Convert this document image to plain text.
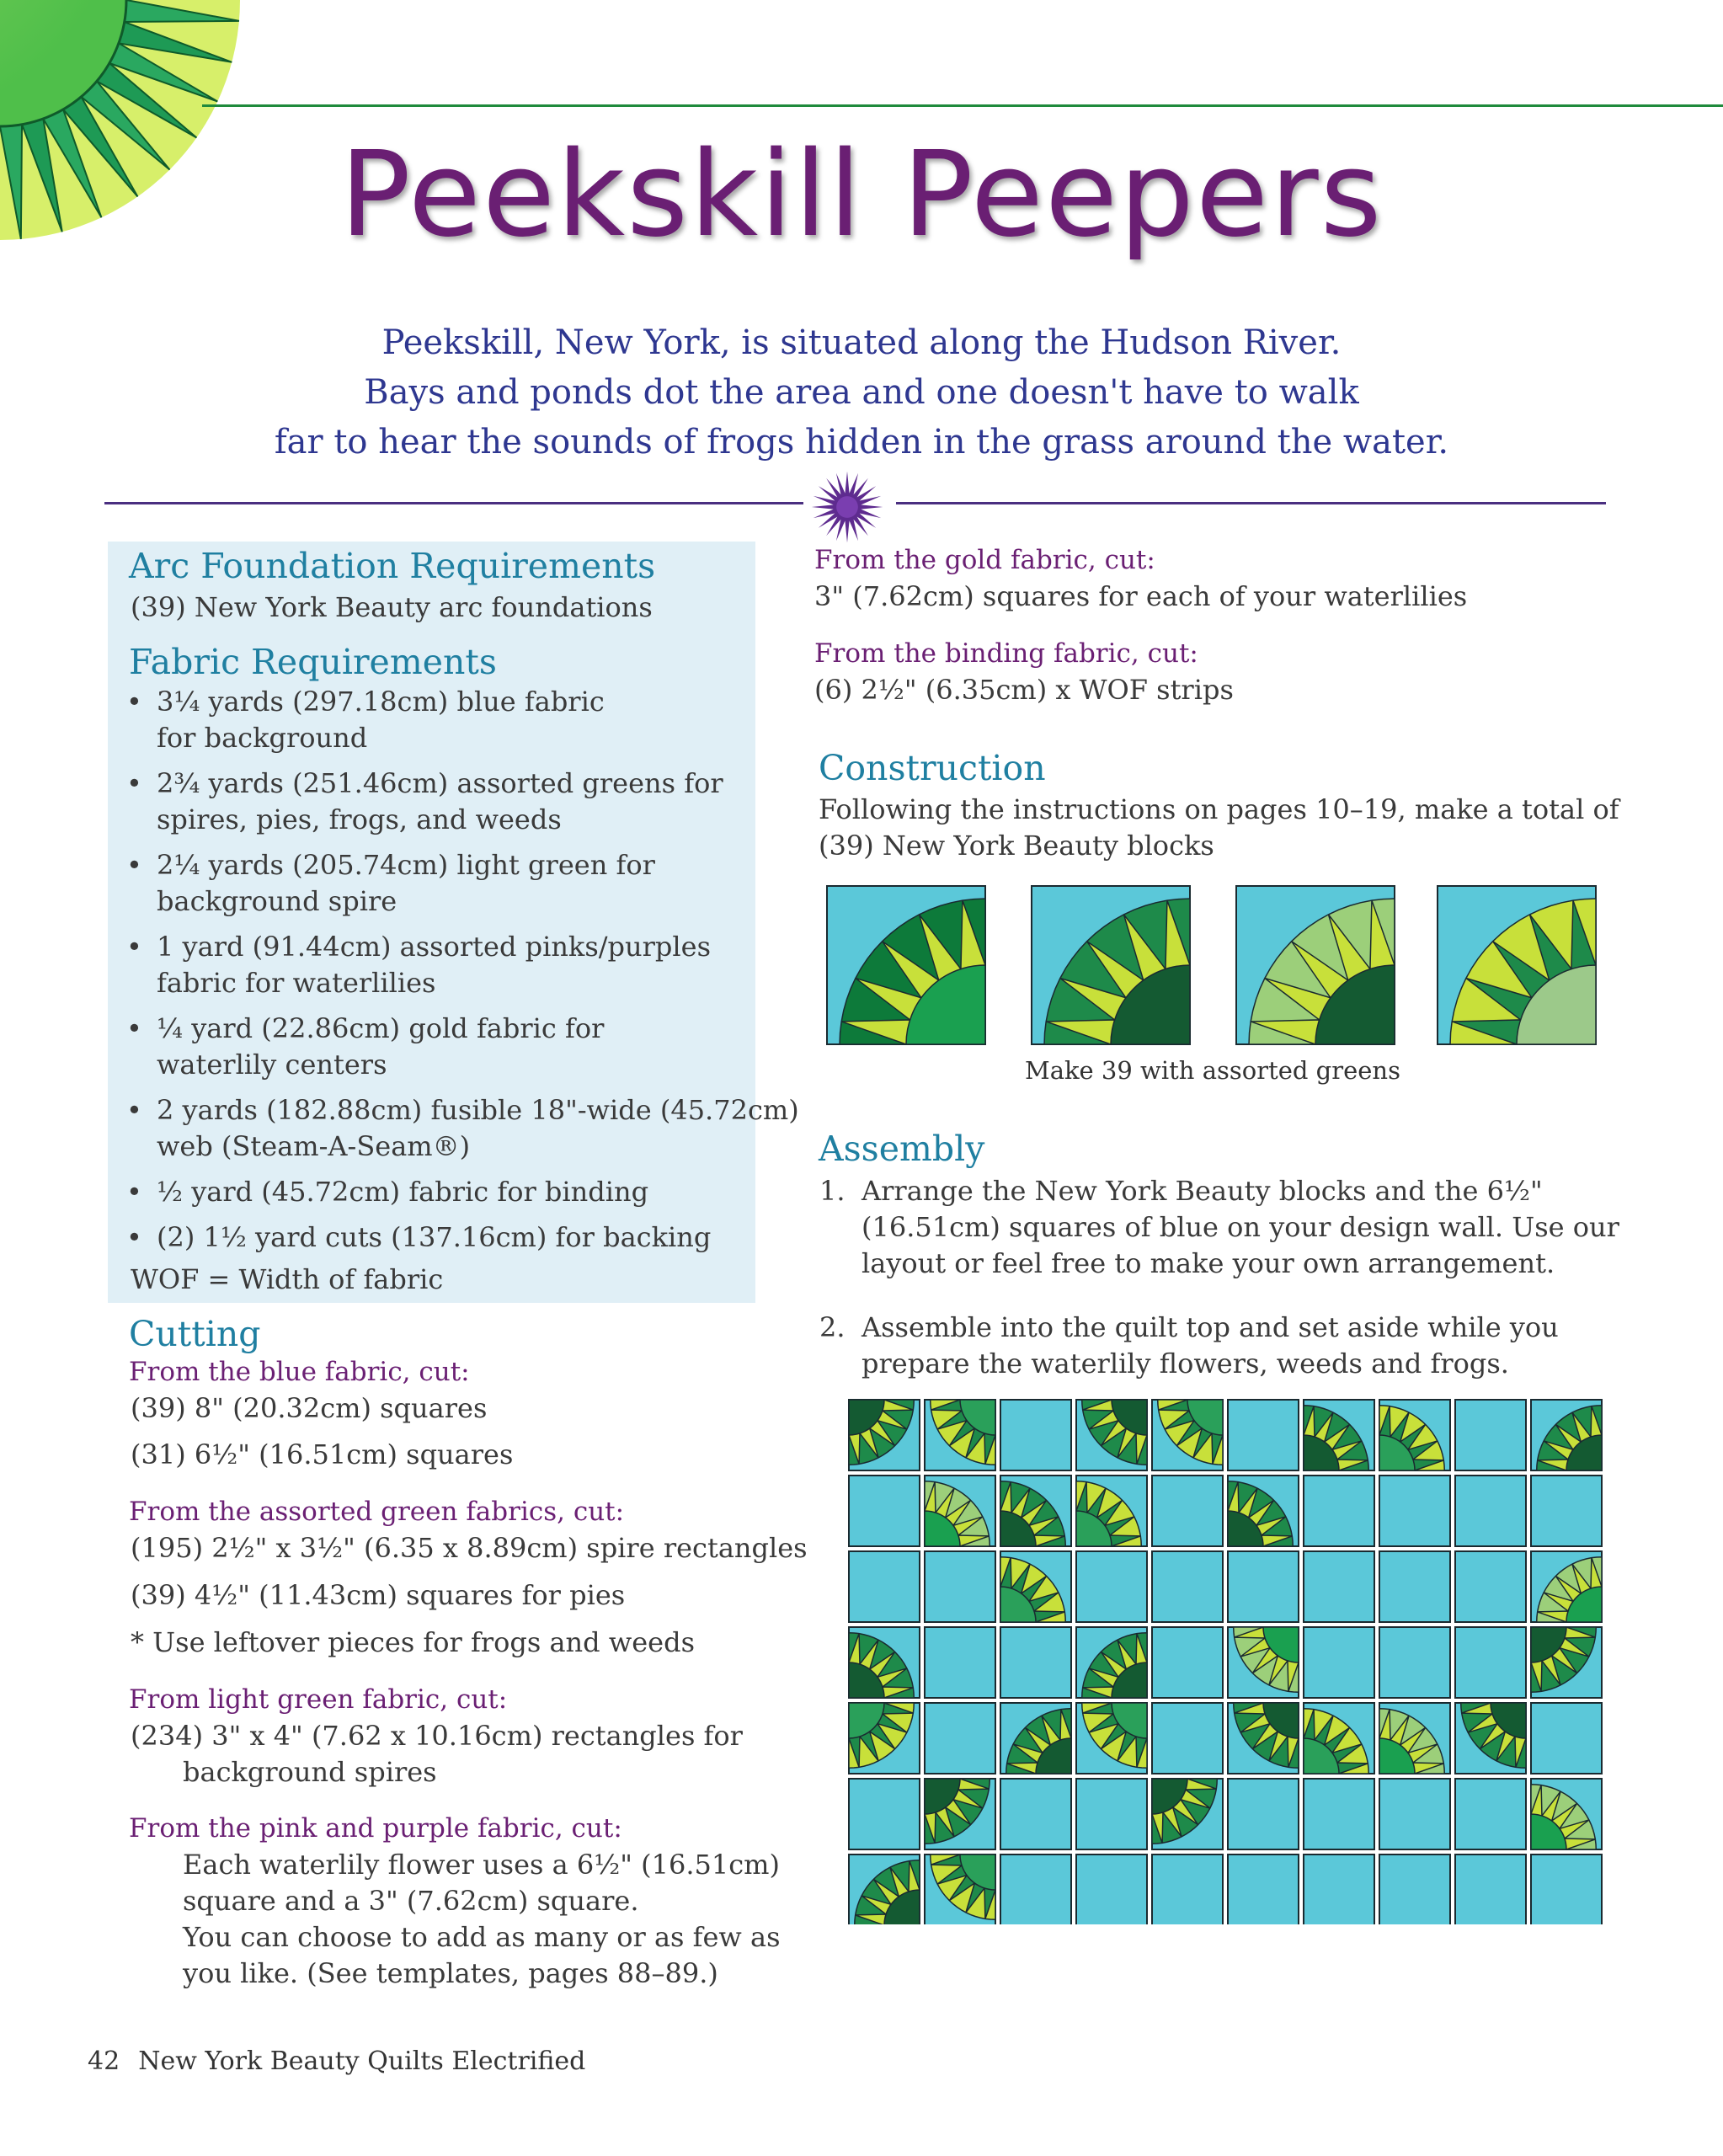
Peekskill Peepers
Peekskill, New York, is situated along the Hudson River.
Bays and ponds dot the area and one doesn't have to walk
far to hear the sounds of frogs hidden in the grass around the water.
Arc Foundation Requirements
(39) New York Beauty arc foundations
Fabric Requirements
• 3¼ yards (297.18cm) blue fabric
for background
• 2¾ yards (251.46cm) assorted greens for
spires, pies, frogs, and weeds
• 2¼ yards (205.74cm) light green for
background spire
• 1 yard (91.44cm) assorted pinks/purples
fabric for waterlilies
• ¼ yard (22.86cm) gold fabric for
waterlily centers
• 2 yards (182.88cm) fusible 18"-wide (45.72cm)
web (Steam-A-Seam®)
• ½ yard (45.72cm) fabric for binding
• (2) 1½ yard cuts (137.16cm) for backing
WOF = Width of fabric
Cutting
From the blue fabric, cut:
(39) 8" (20.32cm) squares
(31) 6½" (16.51cm) squares
From the assorted green fabrics, cut:
(195) 2½" x 3½" (6.35 x 8.89cm) spire rectangles
(39) 4½" (11.43cm) squares for pies
* Use leftover pieces for frogs and weeds
From light green fabric, cut:
(234) 3" x 4" (7.62 x 10.16cm) rectangles for
background spires
From the pink and purple fabric, cut:
Each waterlily flower uses a 6½" (16.51cm)
square and a 3" (7.62cm) square.
You can choose to add as many or as few as
you like. (See templates, pages 88–89.)
From the gold fabric, cut:
3" (7.62cm) squares for each of your waterlilies
From the binding fabric, cut:
(6) 2½" (6.35cm) x WOF strips
Construction
Following the instructions on pages 10–19, make a total of
(39) New York Beauty blocks
Make 39 with assorted greens
Assembly
1. Arrange the New York Beauty blocks and the 6½"
(16.51cm) squares of blue on your design wall. Use our
layout or feel free to make your own arrangement.
2. Assemble into the quilt top and set aside while you
prepare the waterlily flowers, weeds and frogs.
42 New York Beauty Quilts Electrified
